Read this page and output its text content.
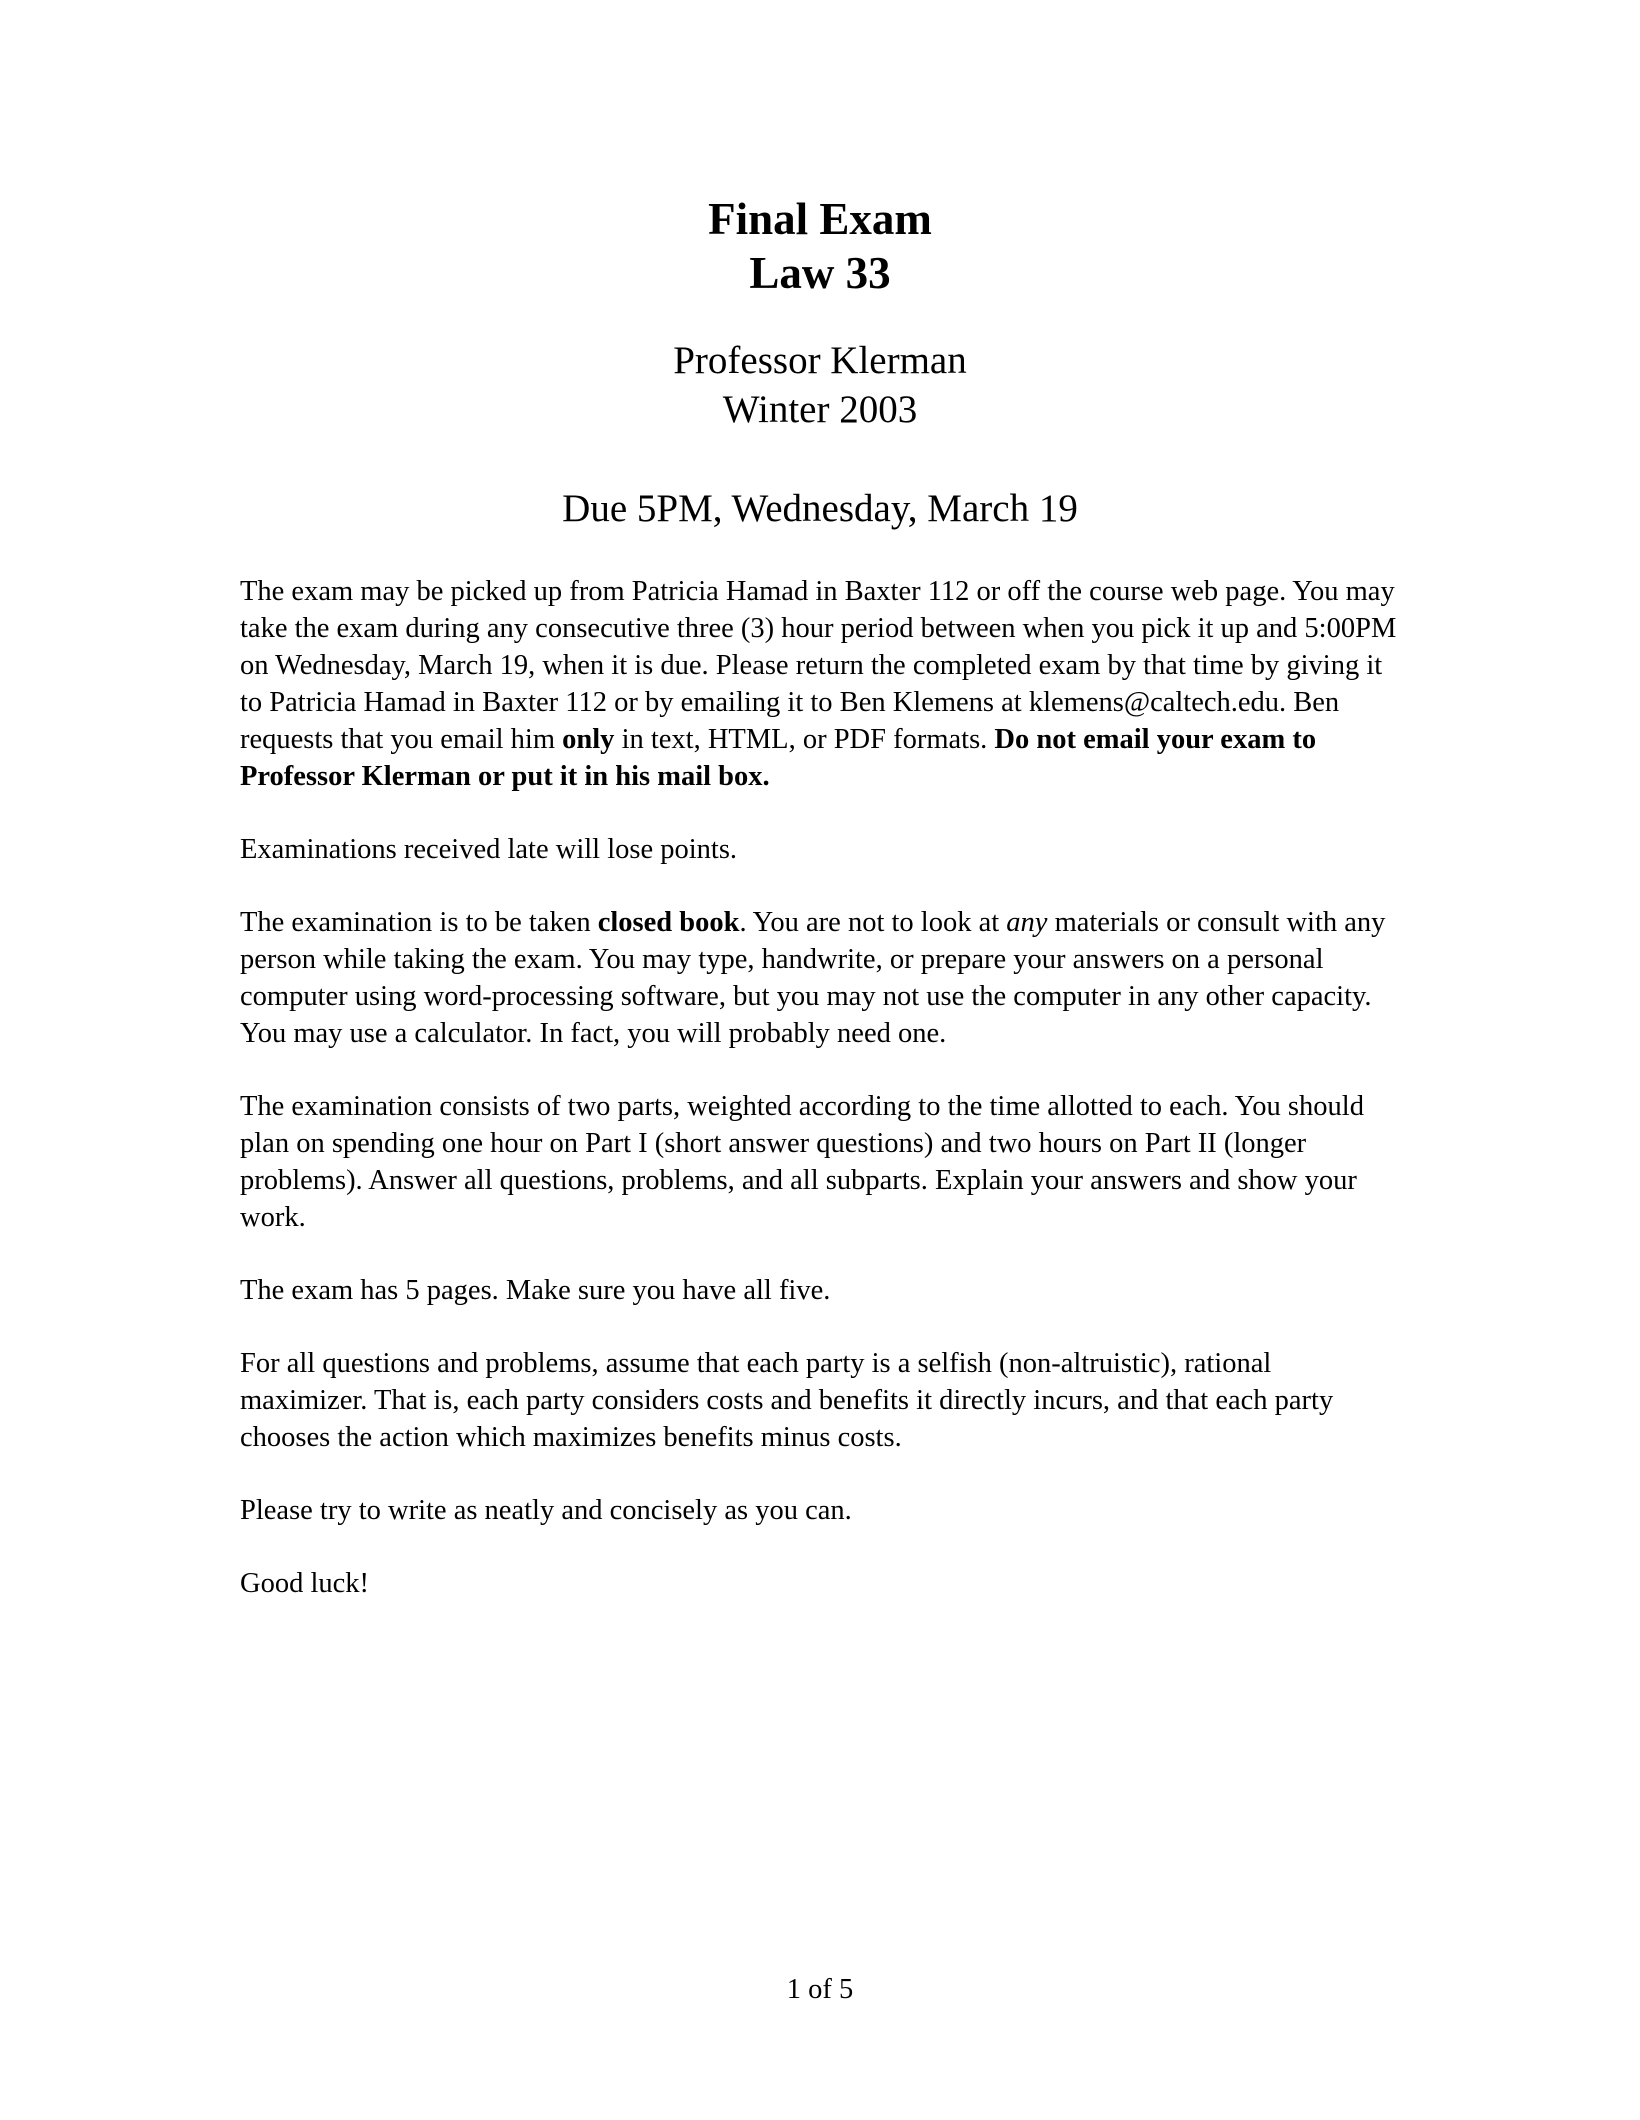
Final Exam
Law 33
Professor Klerman
Winter 2003
Due 5PM, Wednesday, March 19

The exam may be picked up from Patricia Hamad in Baxter 112 or off the course web page. You may take the exam during any consecutive three (3) hour period between when you pick it up and 5:00PM on Wednesday, March 19, when it is due. Please return the completed exam by that time by giving it to Patricia Hamad in Baxter 112 or by emailing it to Ben Klemens at klemens@caltech.edu. Ben requests that you email him only in text, HTML, or PDF formats. Do not email your exam to Professor Klerman or put it in his mail box.

Examinations received late will lose points.

The examination is to be taken closed book. You are not to look at any materials or consult with any person while taking the exam. You may type, handwrite, or prepare your answers on a personal computer using word-processing software, but you may not use the computer in any other capacity. You may use a calculator. In fact, you will probably need one.

The examination consists of two parts, weighted according to the time allotted to each. You should plan on spending one hour on Part I (short answer questions) and two hours on Part II (longer problems). Answer all questions, problems, and all subparts. Explain your answers and show your work.

The exam has 5 pages. Make sure you have all five.

For all questions and problems, assume that each party is a selfish (non-altruistic), rational maximizer. That is, each party considers costs and benefits it directly incurs, and that each party chooses the action which maximizes benefits minus costs.

Please try to write as neatly and concisely as you can.

Good luck!

1 of 5
